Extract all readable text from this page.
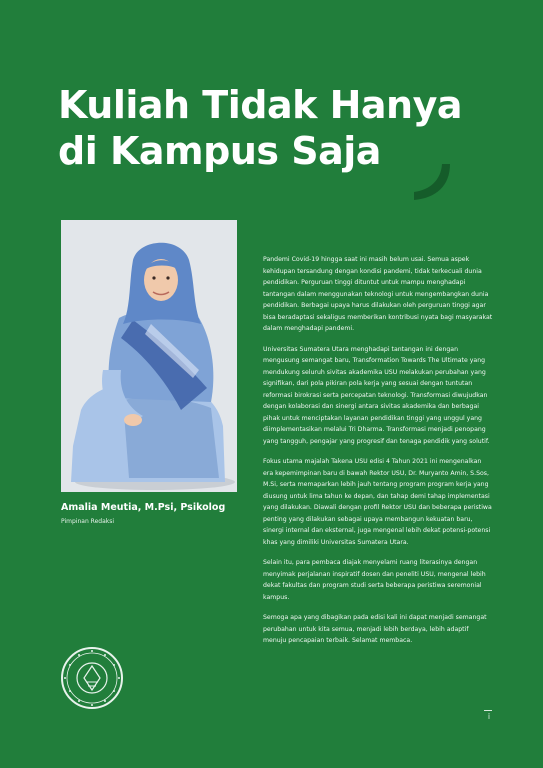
Kuliah Tidak Hanya
di Kampus Saja
Amalia Meutia, M.Psi, Psikolog
Pimpinan Redaksi

Pandemi Covid-19 hingga saat ini masih belum usai. Semua aspek kehidupan tersandung dengan kondisi pandemi, tidak terkecuali dunia pendidikan. Perguruan tinggi dituntut untuk mampu menghadapi tantangan dalam menggunakan teknologi untuk mengembangkan dunia pendidikan. Berbagai upaya harus dilakukan oleh perguruan tinggi agar bisa beradaptasi sekaligus memberikan kontribusi nyata bagi masyarakat dalam menghadapi pandemi.

Universitas Sumatera Utara menghadapi tantangan ini dengan mengusung semangat baru, Transformation Towards The Ultimate yang mendukung seluruh sivitas akademika USU melakukan perubahan yang signifikan, dari pola pikiran pola kerja yang sesuai dengan tuntutan reformasi birokrasi serta percepatan teknologi. Transformasi diwujudkan dengan kolaborasi dan sinergi antara sivitas akademika dan berbagai pihak untuk menciptakan layanan pendidikan tinggi yang unggul yang diimplementasikan melalui Tri Dharma. Transformasi menjadi penopang yang tangguh, pengajar yang progresif dan tenaga pendidik yang solutif.

Fokus utama majalah Takena USU edisi 4 Tahun 2021 ini mengenalkan era kepemimpinan baru di bawah Rektor USU, Dr. Muryanto Amin, S.Sos, M.Si, serta memaparkan lebih jauh tentang program program kerja yang diusung untuk lima tahun ke depan, dan tahap demi tahap implementasi yang dilakukan. Diawali dengan profil Rektor USU dan beberapa peristiwa penting yang dilakukan sebagai upaya membangun kekuatan baru, sinergi internal dan eksternal, juga mengenal lebih dekat potensi-potensi khas yang dimiliki Universitas Sumatera Utara.

Selain itu, para pembaca diajak menyelami ruang literasinya dengan menyimak perjalanan inspiratif dosen dan peneliti USU, mengenal lebih dekat fakultas dan program studi serta beberapa peristiwa seremonial kampus.

Semoga apa yang dibagikan pada edisi kali ini dapat menjadi semangat perubahan untuk kita semua, menjadi lebih berdaya, lebih adaptif menuju pencapaian terbaik. Selamat membaca.

i
